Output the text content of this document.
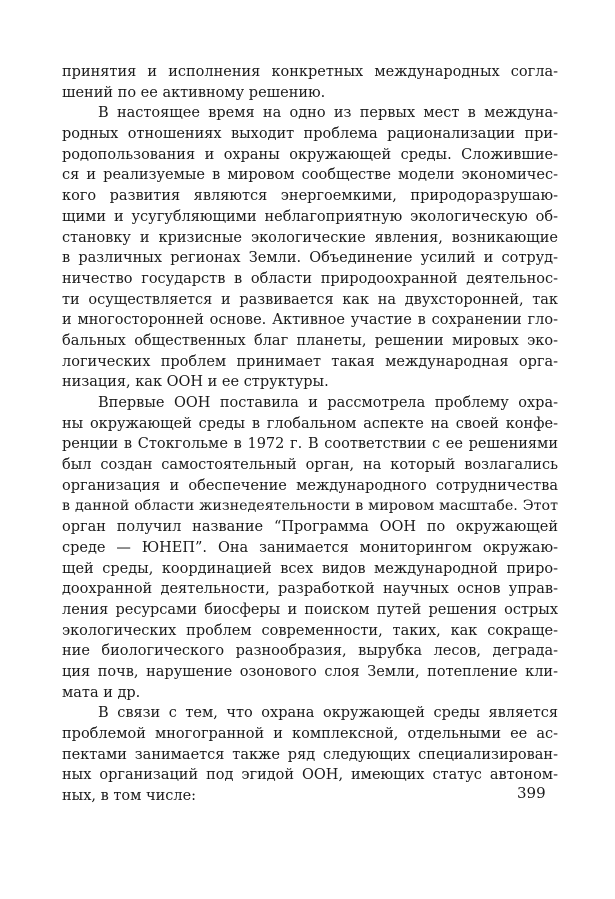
принятия и исполнения конкретных международных согла-
шений по ее активному решению.
В настоящее время на одно из первых мест в междуна-
родных отношениях выходит проблема рационализации при-
родопользования и охраны окружающей среды. Сложившие-
ся и реализуемые в мировом сообществе модели экономичес-
кого развития являются энергоемкими, природоразрушаю-
щими и усугубляющими неблагоприятную экологическую об-
становку и кризисные экологические явления, возникающие
в различных регионах Земли. Объединение усилий и сотруд-
ничество государств в области природоохранной деятельнос-
ти осуществляется и развивается как на двухсторонней, так
и многосторонней основе. Активное участие в сохранении гло-
бальных общественных благ планеты, решении мировых эко-
логических проблем принимает такая международная орга-
низация, как ООН и ее структуры.
Впервые ООН поставила и рассмотрела проблему охра-
ны окружающей среды в глобальном аспекте на своей конфе-
ренции в Стокгольме в 1972 г. В соответствии с ее решениями
был создан самостоятельный орган, на который возлагались
организация и обеспечение международного сотрудничества
в данной области жизнедеятельности в мировом масштабе. Этот
орган получил название “Программа ООН по окружающей
среде — ЮНЕП”. Она занимается мониторингом окружаю-
щей среды, координацией всех видов международной приро-
доохранной деятельности, разработкой научных основ управ-
ления ресурсами биосферы и поиском путей решения острых
экологических проблем современности, таких, как сокраще-
ние биологического разнообразия, вырубка лесов, деграда-
ция почв, нарушение озонового слоя Земли, потепление кли-
мата и др.
В связи с тем, что охрана окружающей среды является
проблемой многогранной и комплексной, отдельными ее ас-
пектами занимается также ряд следующих специализирован-
ных организаций под эгидой ООН, имеющих статус автоном-
ных, в том числе:	399
